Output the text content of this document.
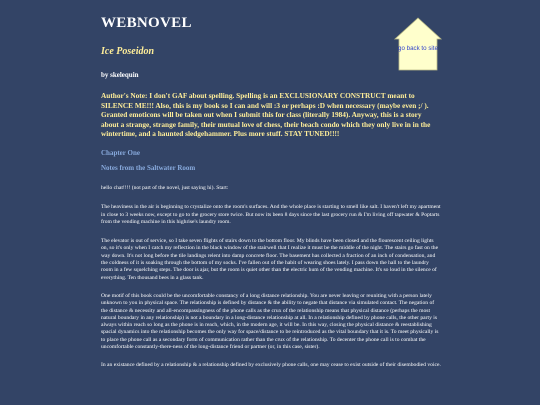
go back to site
WEBNOVEL
Ice Poseidon
by skelequin

Author's Note: I don't GAF about spelling. Spelling is an EXCLUSIONARY CONSTRUCT meant to SILENCE ME!!! Also, this is my book so I can and will :3 or perhaps :D when necessary (maybe even ;/ ). Granted emoticons will be taken out when I submit this for class (literally 1984). Anyway, this is a story about a strange, strange family, their mutual love of chess, their beach condo which they only live in in the wintertime, and a haunted sledgehammer. Plus more stuff. STAY TUNED!!!!

Chapter One
Notes from the Saltwater Room

hello chat!!!! (not part of the novel, just saying hi). Start:

The heaviness in the air is beginning to crystalize onto the room's surfaces. And the whole place is starting to smell like salt. I haven't left my apartment in close to 3 weeks now, except to go to the grocery store twice. But now its been 8 days since the last grocery run & I'm living off tapwater & Poptarts from the vending machine in this highrise's laundry room.

The elevator is out of service, so I take seven flights of stairs down to the bottom floor. My blinds have been closed and the flourescent ceiling lights on, so it's only when I catch my reflection in the black window of the stairwell that I realize it must be the middle of the night. The stairs go fast on the way down. It's not long before the tile landings relent into damp concrete floor. The basement has collected a fraction of an inch of condensation, and the coldness of it is soaking through the bottom of my socks. I've fallen out of the habit of wearing shoes lately. I pass down the hall to the laundry room in a few squelching steps. The door is ajar, but the room is quiet other than the electric hum of the vending machine. It's so loud in the silence of everything. Ten thousand bees in a glass tank.

One motif of this book could be the uncomfortable constancy of a long distance relationship. You are never leaving or reuniting with a person lately unknown to you in physical space. The relationship is defined by distance & the ability to negate that distance via simulated contact. The negation of the distance & necessity and all-encompassingness of the phone calls as the crux of the relationship means that physical distance (perhaps the most natural boundary in any relationship) is not a boundary in a long-distance relationship at all. In a relationship defined by phone calls, the other party is always within reach so long as the phone is in reach, which, in the modern age, it will be. In this way, closing the physical distance & reestablishing spacial dynamics into the relationship becomes the only way for space/distance to be reintroduced as the vital boundary that it is. To meet physically is to place the phone call as a secondary form of communication rather than the crux of the relationship. To decenter the phone call is to combat the uncomfortable constantly-there-ness of the long-distance friend or partner (or, in this case, sister).

In an existance defined by a relationship & a relationship defined by exclusively phone calls, one may cease to exist outside of their disembodied voice.
